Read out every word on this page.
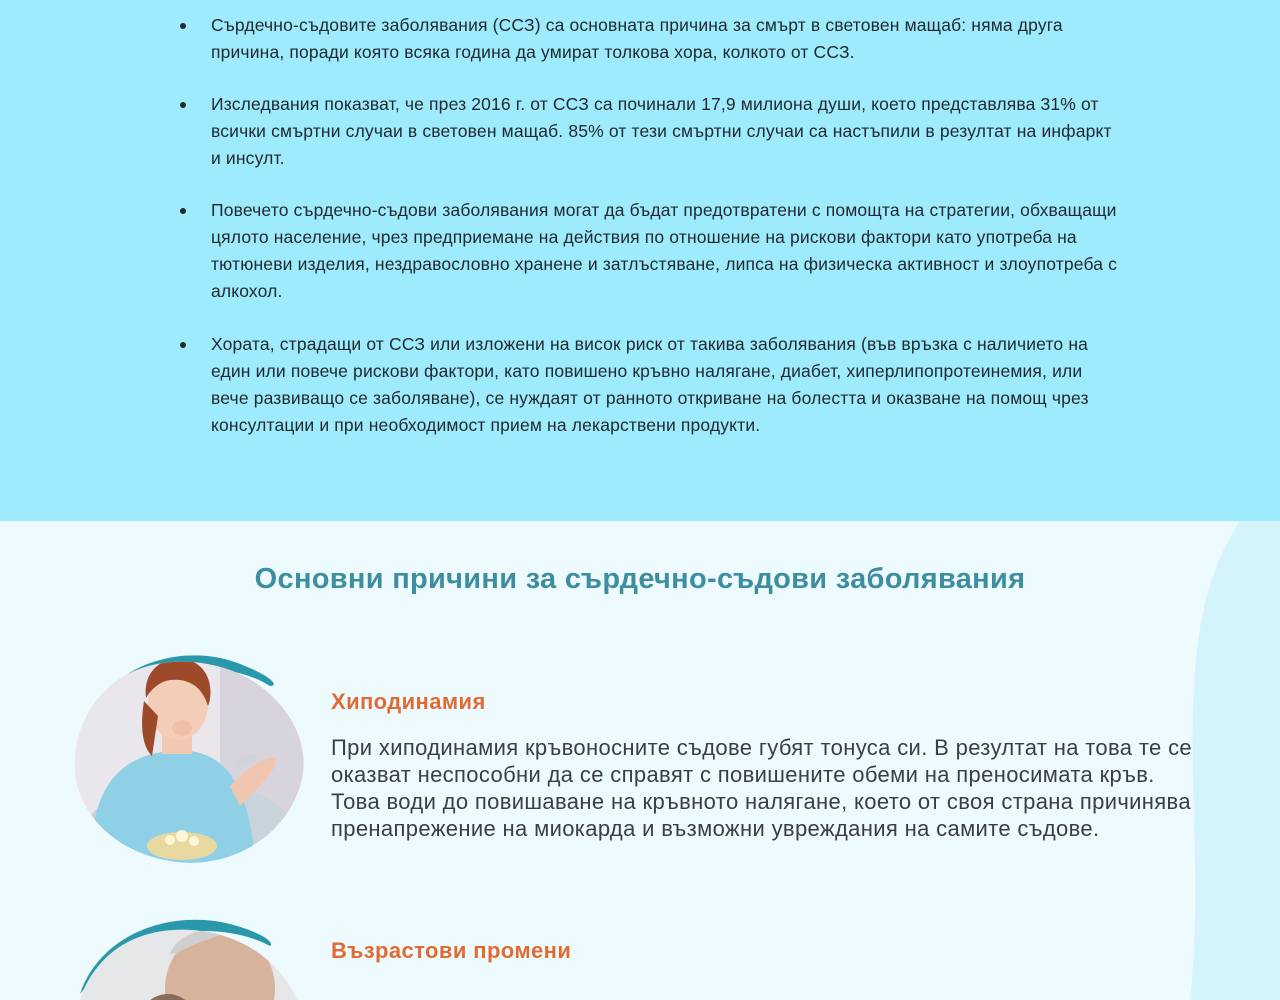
Сърдечно-съдовите заболявания (ССЗ) са основната причина за смърт в световен мащаб: няма друга причина, поради която всяка година да умират толкова хора, колкото от ССЗ.
Изследвания показват, че през 2016 г. от ССЗ са починали 17,9 милиона души, което представлява 31% от всички смъртни случаи в световен мащаб. 85% от тези смъртни случаи са настъпили в резултат на инфаркт и инсулт.
Повечето сърдечно-съдови заболявания могат да бъдат предотвратени с помощта на стратегии, обхващащи цялото население, чрез предприемане на действия по отношение на рискови фактори като употреба на тютюневи изделия, нездравословно хранене и затлъстяване, липса на физическа активност и злоупотреба с алкохол.
Хората, страдащи от ССЗ или изложени на висок риск от такива заболявания (във връзка с наличието на един или повече рискови фактори, като повишено кръвно налягане, диабет, хиперлипопротеинемия, или вече развиващо се заболяване), се нуждаят от ранното откриване на болестта и оказване на помощ чрез консултации и при необходимост прием на лекарствени продукти.
Основни причини за сърдечно-съдови заболявания
Хиподинамия

При хиподинамия кръвоносните съдове губят тонуса си. В резултат на това те се оказват неспособни да се справят с повишените обеми на преносимата кръв. Това води до повишаване на кръвното налягане, което от своя страна причинява пренапрежение на миокарда и възможни увреждания на самите съдове.

Възрастови промени
